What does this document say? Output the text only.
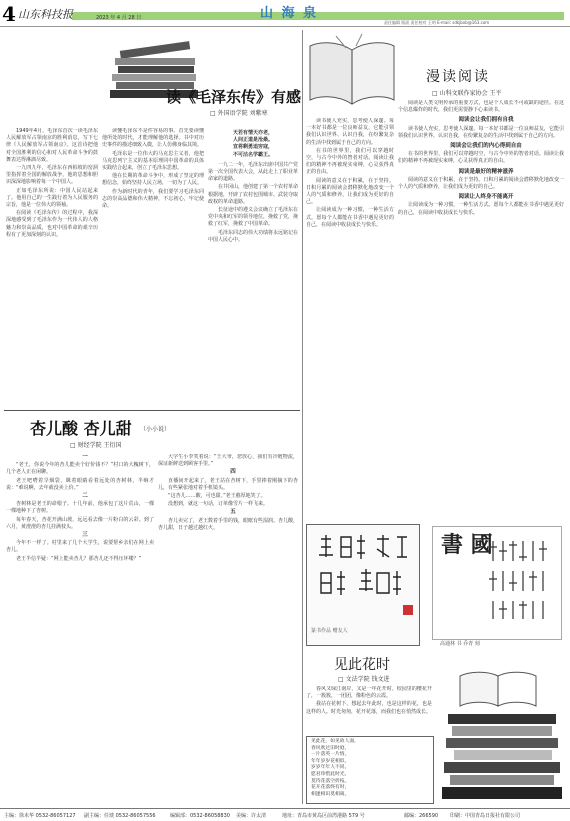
4 山东科技报	2023 年 4 月 28 日	山 海 泉
责任编辑 版面 责任校对 王明 E-mail: sdkjbxb@163.com
读《毛泽东传》有感
□ 外国语学院 刘紫寒

1949年4月，毛泽东首次一读毛泽东人民解放军占领南京的胜利消息，写下七律《人民解放军占领南京》。这首诗把他对全国胜利的信心和对人民革命斗争的鼓舞表达得淋漓尽致。

一九四九年，毛泽东在西柏坡的窑洞里指挥着全国的解放战争，他的思想和胆识深深地影响着每一个中国人。

正如毛泽东所说：中国人民站起来了。他用自己的一生践行着为人民服务的宗旨，他是一位伟大的领袖。

在阅读《毛泽东传》的过程中，我深深地感受到了毛泽东作为一代伟人的人格魅力和崇高品质，也对中国革命的艰辛历程有了更加深刻的认识。

读懂毛泽东不是件容易的事。首先要读懂他所处的时代，才能理解他的选择。书中对历史事件的描述细致入微，让人仿佛身临其境。

毛泽东是一位伟大的马克思主义者，他把马克思列宁主义的基本原理同中国革命的具体实践结合起来，创立了毛泽东思想。

他在长期的革命斗争中，形成了坚定的理想信念，始终坚持人民立场，一切为了人民。

作为新时代的青年，我们要学习毛泽东同志的崇高品德和伟大精神，不忘初心，牢记使命。

天若有情天亦老，
人间正道是沧桑。
宜将剩勇追穷寇，
不可沽名学霸王。

一九二一年，毛泽东出席中国共产党第一次全国代表大会，从此走上了职业革命家的道路。

在井冈山，他创建了第一个农村革命根据地，开辟了农村包围城市、武装夺取政权的革命道路。

长征途中的遵义会议确立了毛泽东在党中央和红军的领导地位，挽救了党，挽救了红军，挽救了中国革命。

毛泽东同志的伟大功绩将永远铭记在中国人民心中。

杏儿酸 杏儿甜 （小小说）
□ 财经学院 王衍国

一

“老王，你说今年的杏儿能卖个好价钱不？”村口的大槐树下，几个老人正在闲聊。

老王吧嗒着旱烟袋，眯着眼睛看着远处的杏树林，半晌才说：“难说啊，去年就没卖上价。”

二

杏树林是老王的命根子。十几年前，他承包了这片荒山，一棵一棵地种下了杏树。

每年春天，杏花开满山坡，远远看去像一片粉白的云彩。到了六月，黄澄澄的杏儿挂满枝头。

三

今年不一样了。村里来了几个大学生，说要帮乡亲们在网上卖杏儿。

老王半信半疑：“网上能卖杏儿？那杏儿还不得压坏喽？”

大学生小李笑着说：“王大爷，您放心，我们有冷链物流，保证新鲜送到顾客手里。”

四

直播间开起来了。老王站在杏树下，手里捧着刚摘下的杏儿，有些紧张地对着手机镜头。

“这杏儿……酸，可也甜。”老王憨厚地笑了。

没想到，就这一句话，订单像雪片一样飞来。

五

杏儿卖完了，老王数着手里的钱，眼眶有些湿润。杏儿酸，杏儿甜，日子越过越红火。

漫读阅读
□ 山科文联作家协会 王平

阅读是人类文明传承的重要方式，也是个人成长不可或缺的途径。在这个信息爆炸的时代，我们更需要静下心来读书。

阅读会让我们拥有自我

读书使人充实，思考使人深邃。每一本好书都是一位良师益友，它能引领我们认识世界、认识自我，在纷繁复杂的生活中找到属于自己的方向。

阅读会让我们的内心得到自由

在书的世界里，我们可以穿越时空，与古今中外的智者对话。阅读让我们的精神不再被现实束缚，心灵获得真正的自由。

阅读是最好的精神滋养

阅读的意义在于积累，在于坚持。日积月累的阅读会潜移默化地改变一个人的气质和修养，让我们成为更好的自己。

阅读让人终身不能离开

让阅读成为一种习惯，一种生活方式。愿每个人都能在书香中遇见更好的自己，在阅读中收获成长与快乐。

读书使人充实，思考使人深邃。每一本好书都是一位良师益友，它能引领我们认识世界、认识自我，在纷繁复杂的生活中找到属于自己的方向。

在书的世界里，我们可以穿越时空，与古今中外的智者对话。阅读让我们的精神不再被现实束缚，心灵获得真正的自由。

阅读的意义在于积累，在于坚持。日积月累的阅读会潜移默化地改变一个人的气质和修养，让我们成为更好的自己。

让阅读成为一种习惯，一种生活方式。愿每个人都能在书香中遇见更好的自己，在阅读中收获成长与快乐。

篆书作品 赠友人
書 國
高通林 书 乔青 刻
见此花时
□ 文法学院 钱文进

春风又绿江南岸，又是一年花开时。校园里的樱花开了，一簇簇，一团团，像粉色的云霞。

我站在花树下，想起去年此时，也是这样的花，也是这样的人。时光匆匆，花开花落，而我们也在悄然成长。

见此花，如见故人面，
春风吹过旧时庭，
一片落英一片情。
年年岁岁花相似，
岁岁年年人不同。
愿君珍惜此时光，
莫待花落空折枝。
花开花落终有时，
相逢相识莫相离。
主编：徐未华 0532-86057127 副主编：任琰 0532-86057556	编辑部：0532-86058830 美编：许太清	地址：青岛市黄岛区前湾港路 579 号	邮编：266590 印刷：中国青岛日报社有限公司
